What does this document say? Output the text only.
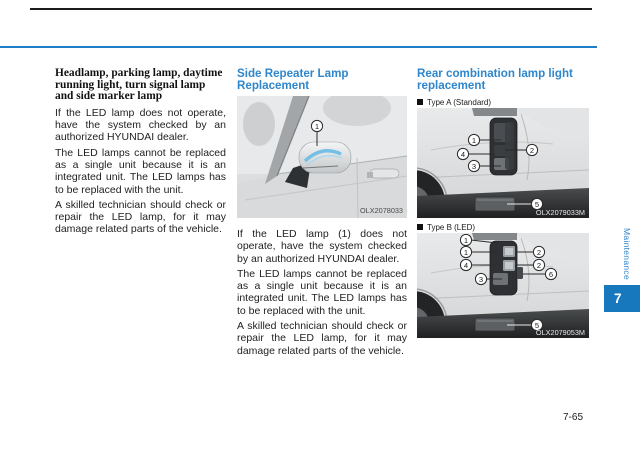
Headlamp, parking lamp, daytime running light, turn signal lamp and side marker lamp

If the LED lamp does not operate, have the system checked by an authorized HYUNDAI dealer.

The LED lamps cannot be replaced as a single unit because it is an integrated unit. The LED lamps has to be replaced with the unit.

A skilled technician should check or repair the LED lamp, for it may damage related parts of the vehicle.

Side Repeater Lamp Replacement
1
OLX2078033

If the LED lamp (1) does not operate, have the system checked by an authorized HYUNDAI dealer.

The LED lamps cannot be replaced as a single unit because it is an integrated unit. The LED lamps has to be replaced with the unit.

A skilled technician should check or repair the LED lamp, for it may damage related parts of the vehicle.

Rear combination lamp light replacement
Type A (Standard)
1
4
3
2
5
OLX2079033M
Type B (LED)
1
1	2
4	2
3
6
5
OLX2079053M
Maintenance
7
7-65
